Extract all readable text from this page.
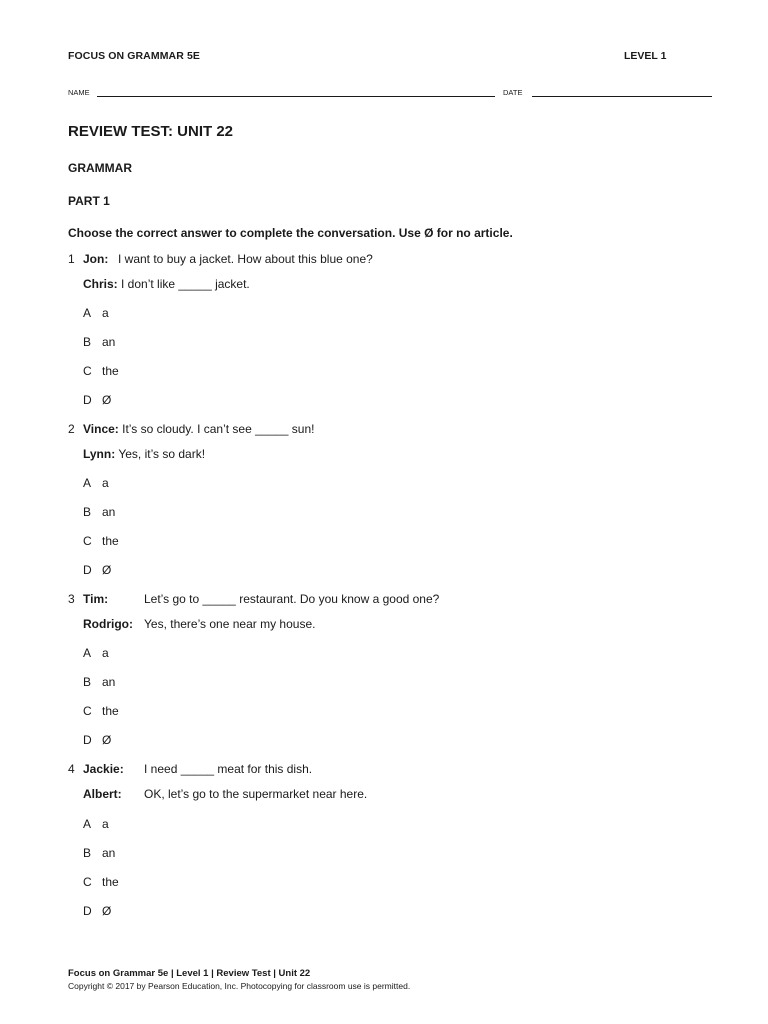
FOCUS ON GRAMMAR 5E	LEVEL 1
NAME	DATE
REVIEW TEST: UNIT 22
GRAMMAR
PART 1
Choose the correct answer to complete the conversation. Use Ø for no article.
1 Jon: I want to buy a jacket. How about this blue one?
Chris: I don’t like _____ jacket.
A a
B an
C the
D Ø
2 Vince: It’s so cloudy. I can’t see _____ sun!
Lynn: Yes, it’s so dark!
A a
B an
C the
D Ø
3 Tim:	Let’s go to _____ restaurant. Do you know a good one?
Rodrigo: Yes, there’s one near my house.
A a
B an
C the
D Ø
4 Jackie: I need _____ meat for this dish.
Albert: OK, let’s go to the supermarket near here.
A a
B an
C the
D Ø
Focus on Grammar 5e | Level 1 | Review Test | Unit 22
Copyright © 2017 by Pearson Education, Inc. Photocopying for classroom use is permitted.
